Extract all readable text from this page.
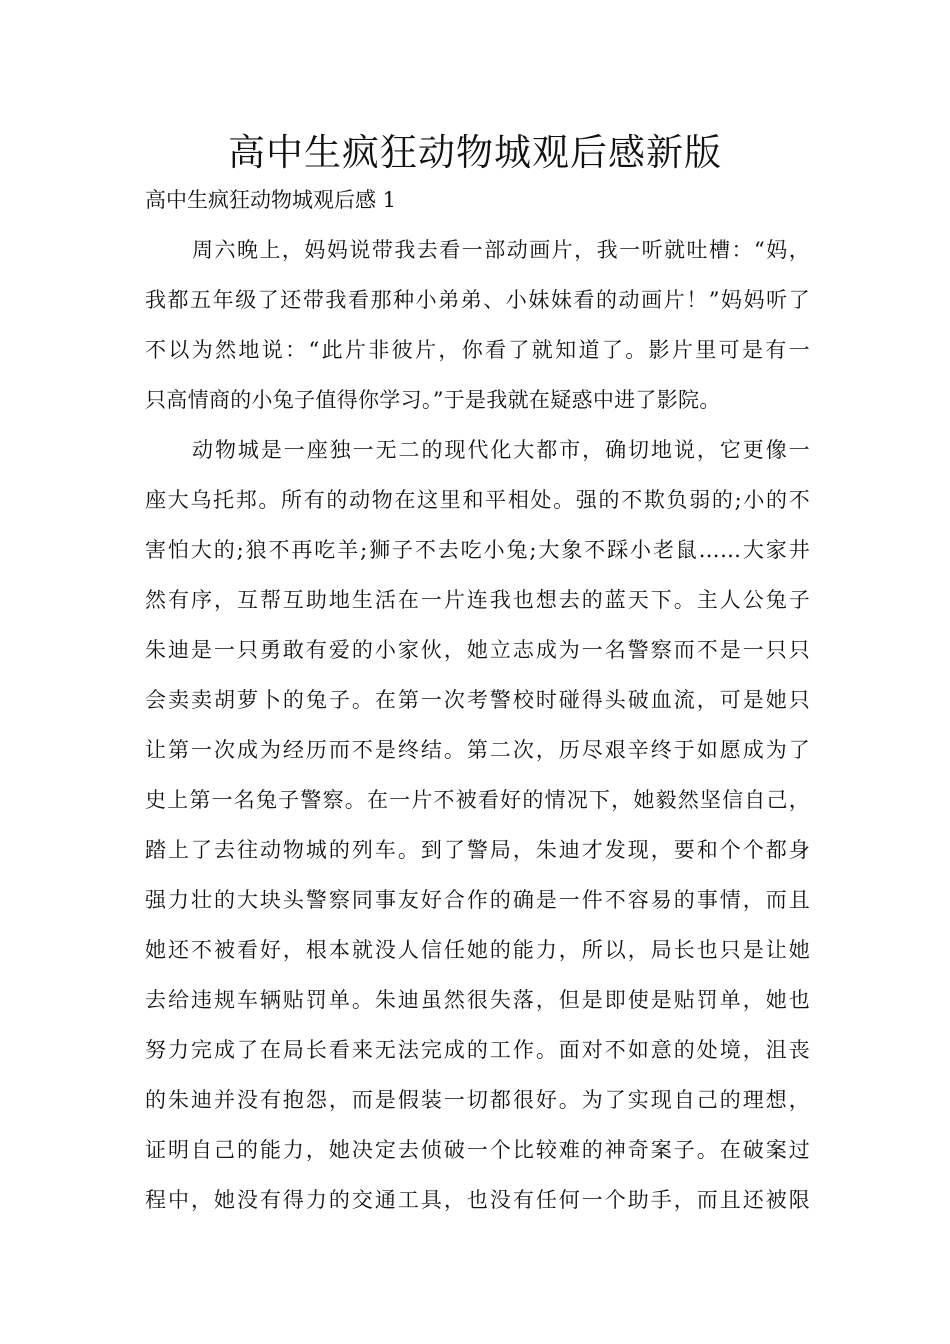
高中生疯狂动物城观后感新版

高中生疯狂动物城观后感 1

周六晚上，妈妈说带我去看一部动画片，我一听就吐槽：“妈，

我都五年级了还带我看那种小弟弟、小妹妹看的动画片！”妈妈听了

不以为然地说：“此片非彼片，你看了就知道了。影片里可是有一

只高情商的小兔子值得你学习。”于是我就在疑惑中进了影院。

动物城是一座独一无二的现代化大都市，确切地说，它更像一

座大乌托邦。所有的动物在这里和平相处。强的不欺负弱的;小的不

害怕大的;狼不再吃羊;狮子不去吃小兔;大象不踩小老鼠……大家井

然有序，互帮互助地生活在一片连我也想去的蓝天下。主人公兔子

朱迪是一只勇敢有爱的小家伙，她立志成为一名警察而不是一只只

会卖卖胡萝卜的兔子。在第一次考警校时碰得头破血流，可是她只

让第一次成为经历而不是终结。第二次，历尽艰辛终于如愿成为了

史上第一名兔子警察。在一片不被看好的情况下，她毅然坚信自己，

踏上了去往动物城的列车。到了警局，朱迪才发现，要和个个都身

强力壮的大块头警察同事友好合作的确是一件不容易的事情，而且

她还不被看好，根本就没人信任她的能力，所以，局长也只是让她

去给违规车辆贴罚单。朱迪虽然很失落，但是即使是贴罚单，她也

努力完成了在局长看来无法完成的工作。面对不如意的处境，沮丧

的朱迪并没有抱怨，而是假装一切都很好。为了实现自己的理想，

证明自己的能力，她决定去侦破一个比较难的神奇案子。在破案过

程中，她没有得力的交通工具，也没有任何一个助手，而且还被限
